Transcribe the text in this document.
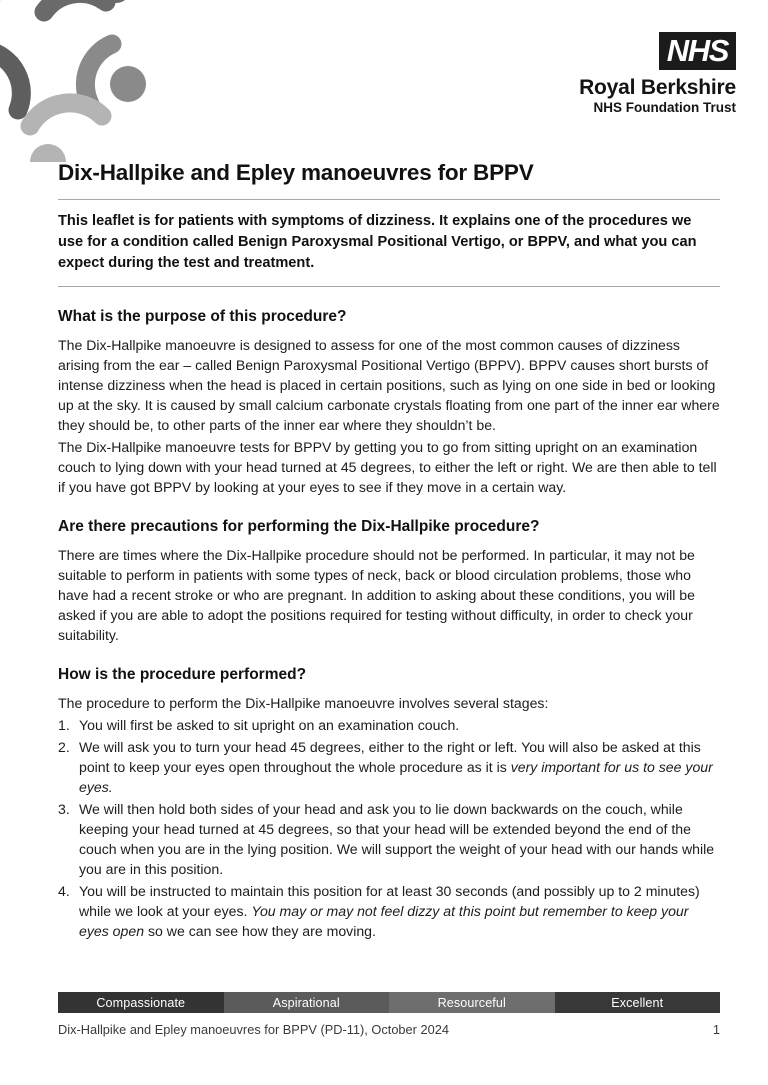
NHS
Royal Berkshire
NHS Foundation Trust
Dix-Hallpike and Epley manoeuvres for BPPV

This leaflet is for patients with symptoms of dizziness. It explains one of the procedures we use for a condition called Benign Paroxysmal Positional Vertigo, or BPPV, and what you can expect during the test and treatment.

What is the purpose of this procedure?

The Dix-Hallpike manoeuvre is designed to assess for one of the most common causes of dizziness arising from the ear – called Benign Paroxysmal Positional Vertigo (BPPV). BPPV causes short bursts of intense dizziness when the head is placed in certain positions, such as lying on one side in bed or looking up at the sky. It is caused by small calcium carbonate crystals floating from one part of the inner ear where they should be, to other parts of the inner ear where they shouldn’t be.

The Dix-Hallpike manoeuvre tests for BPPV by getting you to go from sitting upright on an examination couch to lying down with your head turned at 45 degrees, to either the left or right. We are then able to tell if you have got BPPV by looking at your eyes to see if they move in a certain way.

Are there precautions for performing the Dix-Hallpike procedure?

There are times where the Dix-Hallpike procedure should not be performed. In particular, it may not be suitable to perform in patients with some types of neck, back or blood circulation problems, those who have had a recent stroke or who are pregnant. In addition to asking about these conditions, you will be asked if you are able to adopt the positions required for testing without difficulty, in order to check your suitability.

How is the procedure performed?

The procedure to perform the Dix-Hallpike manoeuvre involves several stages:

1. You will first be asked to sit upright on an examination couch.
2. We will ask you to turn your head 45 degrees, either to the right or left. You will also be asked at this point to keep your eyes open throughout the whole procedure as it is very important for us to see your eyes.
3. We will then hold both sides of your head and ask you to lie down backwards on the couch, while keeping your head turned at 45 degrees, so that your head will be extended beyond the end of the couch when you are in the lying position. We will support the weight of your head with our hands while you are in this position.
4. You will be instructed to maintain this position for at least 30 seconds (and possibly up to 2 minutes) while we look at your eyes. You may or may not feel dizzy at this point but remember to keep your eyes open so we can see how they are moving.
Compassionate	Aspirational	Resourceful	Excellent
Dix-Hallpike and Epley manoeuvres for BPPV (PD-11), October 2024	1
